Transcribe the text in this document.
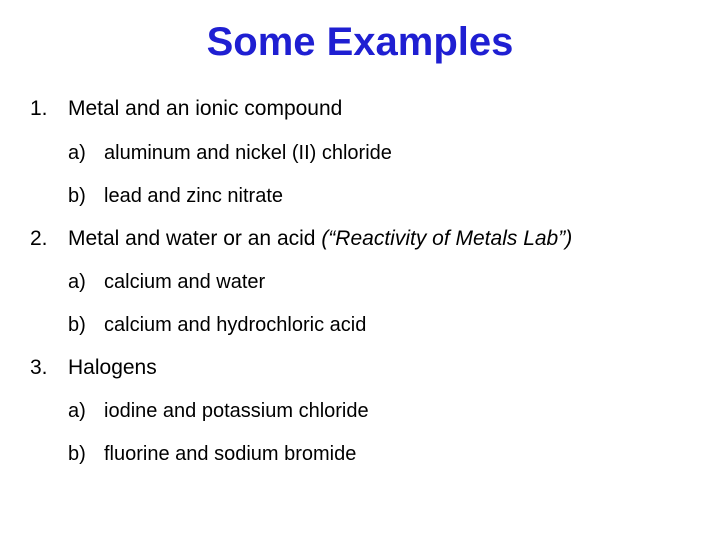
Some Examples
1. Metal and an ionic compound
a) aluminum and nickel (II) chloride
b) lead and zinc nitrate
2. Metal and water or an acid (“Reactivity of Metals Lab”)
a) calcium and water
b) calcium and hydrochloric acid
3. Halogens
a) iodine and potassium chloride
b) fluorine and sodium bromide
